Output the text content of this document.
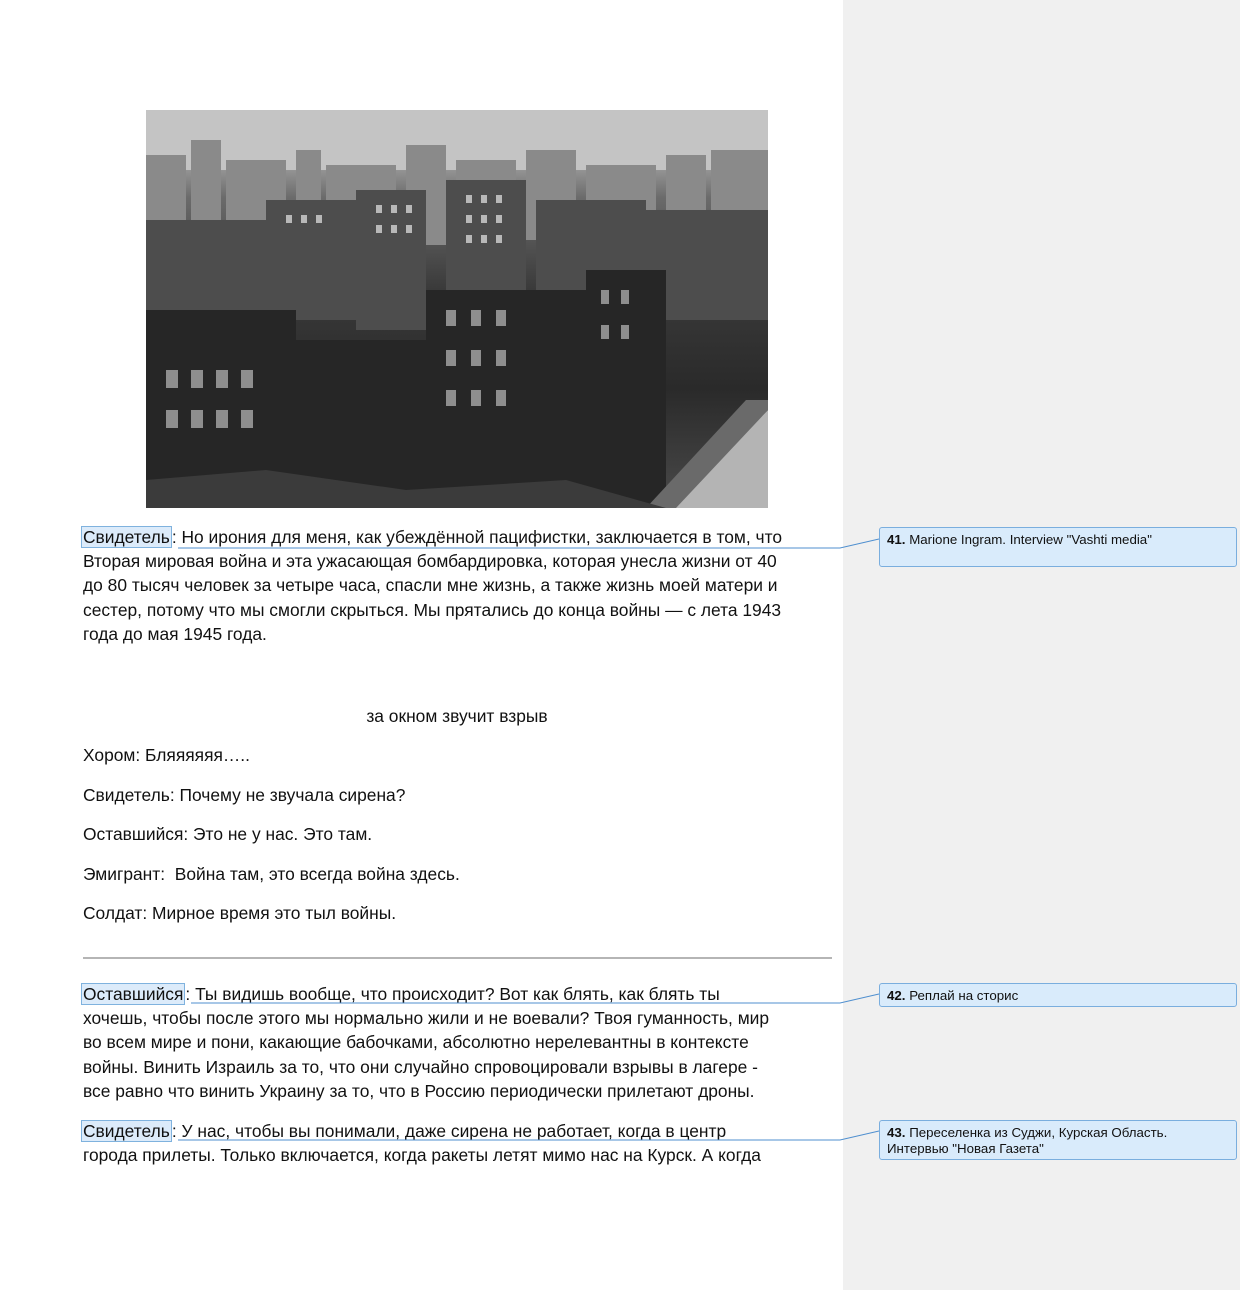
Свидетель : Но ирония для меня, как убеждённой пацифистки, заключается в том, что
Вторая мировая война и эта ужасающая бомбардировка, которая унесла жизни от 40
до 80 тысяч человек за четыре часа, спасли мне жизнь, а также жизнь моей матери и
сестер, потому что мы смогли скрыться. Мы прятались до конца войны — с лета 1943
года до мая 1945 года.

за окном звучит взрыв
Хором: Бляяяяяя…..
Свидетель: Почему не звучала сирена?
Оставшийся: Это не у нас. Это там.
Эмигрант:  Война там, это всегда война здесь.
Солдат: Мирное время это тыл войны.

Оставшийся : Ты видишь вообще, что происходит? Вот как блять, как блять ты
хочешь, чтобы после этого мы нормально жили и не воевали? Твоя гуманность, мир
во всем мире и пони, какающие бабочками, абсолютно нерелевантны в контексте
войны. Винить Израиль за то, что они случайно спровоцировали взрывы в лагере -
все равно что винить Украину за то, что в Россию периодически прилетают дроны.

Свидетель : У нас, чтобы вы понимали, даже сирена не работает, когда в центр
города прилеты. Только включается, когда ракеты летят мимо нас на Курск. А когда

41. Marione Ingram. Interview "Vashti media"
42. Реплай на сторис
43. Переселенка из Суджи, Курская Область.
Интервью "Новая Газета"
